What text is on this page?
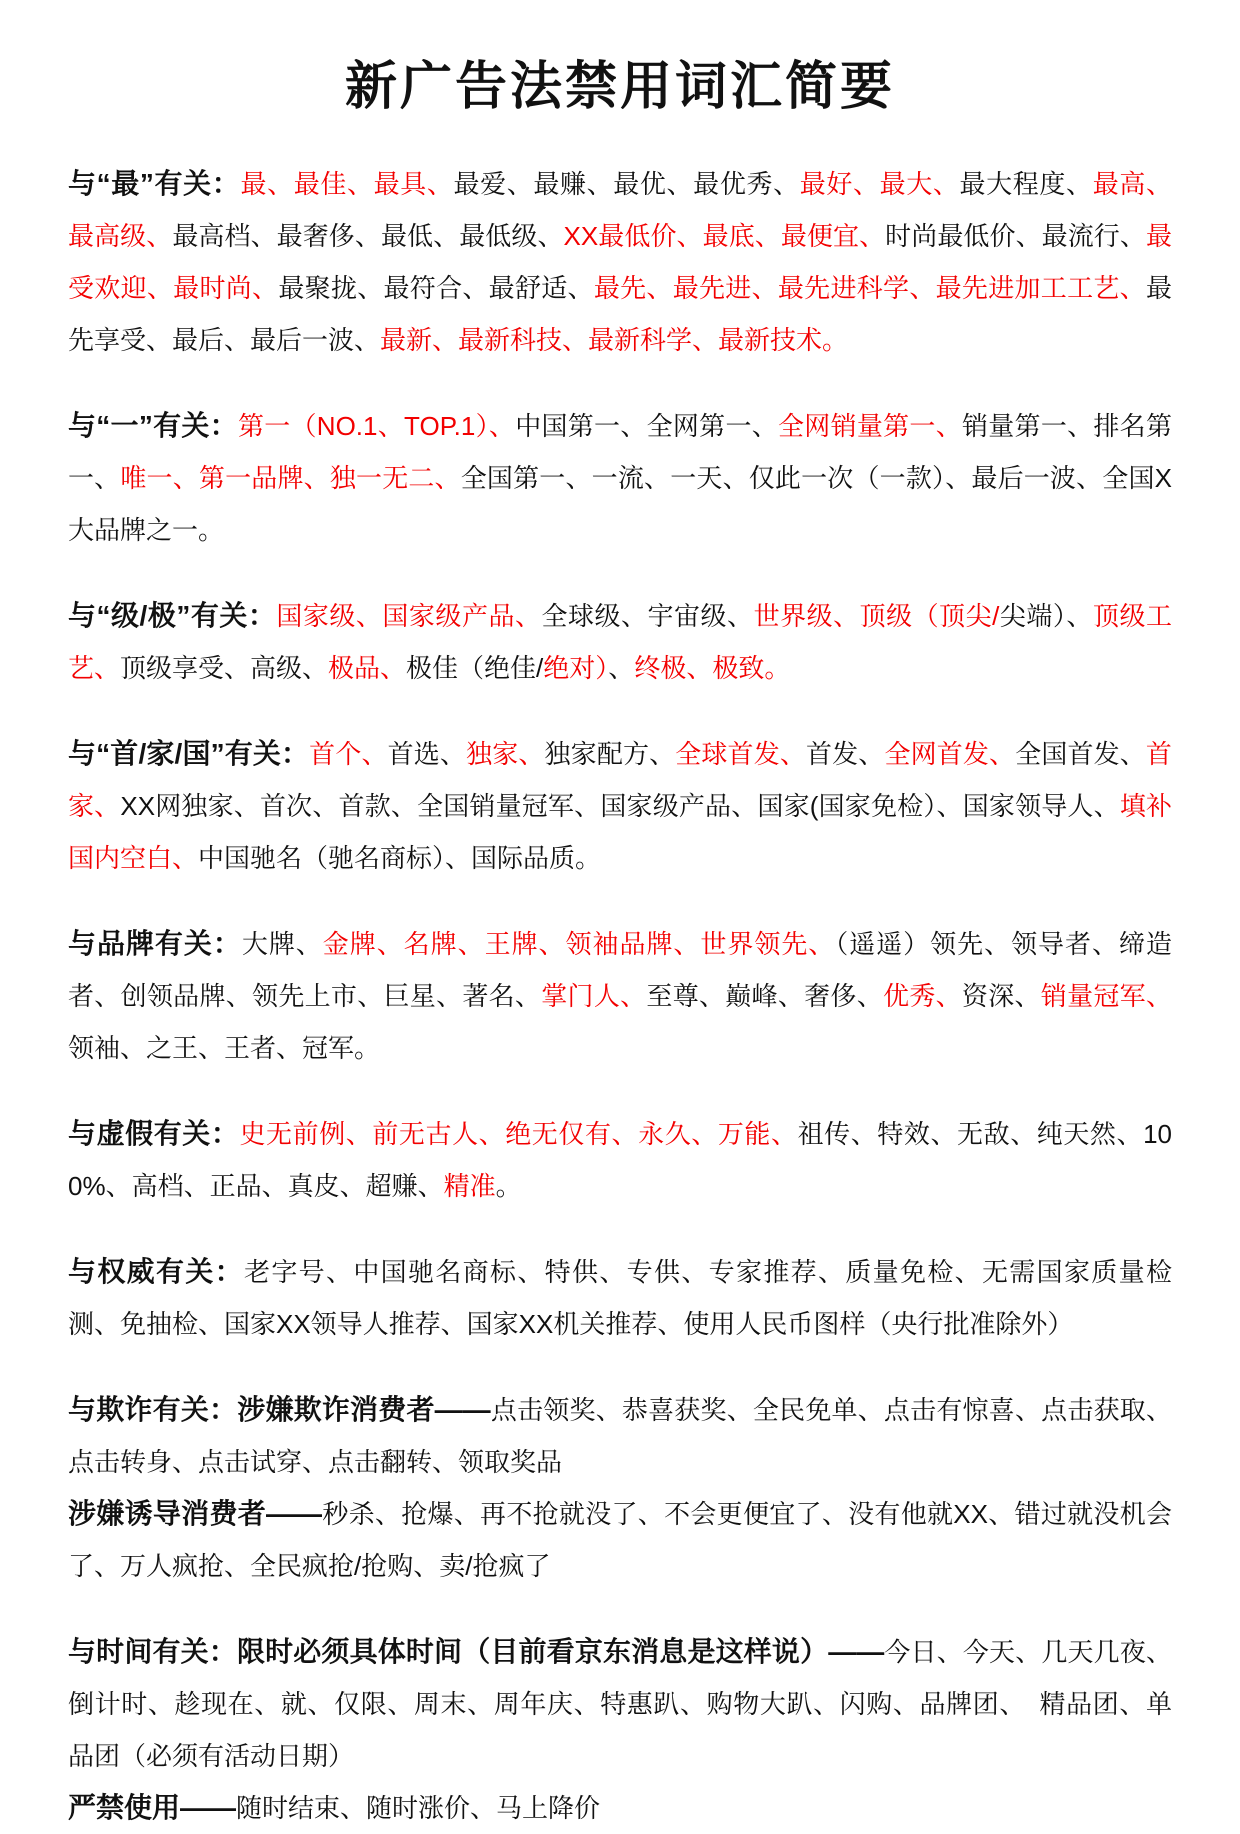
新广告法禁用词汇简要

与“最”有关：最、最佳、最具、最爱、最赚、最优、最优秀、最好、最大、最大程度、最高、最高级、最高档、最奢侈、最低、最低级、XX最低价、最底、最便宜、时尚最低价、最流行、最受欢迎、最时尚、最聚拢、最符合、最舒适、最先、最先进、最先进科学、最先进加工工艺、最先享受、最后、最后一波、最新、最新科技、最新科学、最新技术。

与“一”有关：第一（NO.1、TOP.1）、中国第一、全网第一、全网销量第一、销量第一、排名第一、唯一、第一品牌、独一无二、全国第一、一流、一天、仅此一次（一款）、最后一波、全国X大品牌之一。

与“级/极”有关：国家级、国家级产品、全球级、宇宙级、世界级、顶级（顶尖/尖端）、顶级工艺、顶级享受、高级、极品、极佳（绝佳/绝对）、终极、极致。

与“首/家/国”有关：首个、首选、独家、独家配方、全球首发、首发、全网首发、全国首发、首家、XX网独家、首次、首款、全国销量冠军、国家级产品、国家(国家免检）、国家领导人、填补国内空白、中国驰名（驰名商标）、国际品质。

与品牌有关：大牌、金牌、名牌、王牌、领袖品牌、世界领先、（遥遥）领先、领导者、缔造者、创领品牌、领先上市、巨星、著名、掌门人、至尊、巅峰、奢侈、优秀、资深、销量冠军、领袖、之王、王者、冠军。

与虚假有关：史无前例、前无古人、绝无仅有、永久、万能、祖传、特效、无敌、纯天然、100%、高档、正品、真皮、超赚、精准。

与权威有关：老字号、中国驰名商标、特供、专供、专家推荐、质量免检、无需国家质量检测、免抽检、国家XX领导人推荐、国家XX机关推荐、使用人民币图样（央行批准除外）

与欺诈有关：涉嫌欺诈消费者——点击领奖、恭喜获奖、全民免单、点击有惊喜、点击获取、点击转身、点击试穿、点击翻转、领取奖品

涉嫌诱导消费者——秒杀、抢爆、再不抢就没了、不会更便宜了、没有他就XX、错过就没机会了、万人疯抢、全民疯抢/抢购、卖/抢疯了

与时间有关：限时必须具体时间（目前看京东消息是这样说）——今日、今天、几天几夜、倒计时、趁现在、就、仅限、周末、周年庆、特惠趴、购物大趴、闪购、品牌团、　精品团、单品团（必须有活动日期）

严禁使用——随时结束、随时涨价、马上降价
